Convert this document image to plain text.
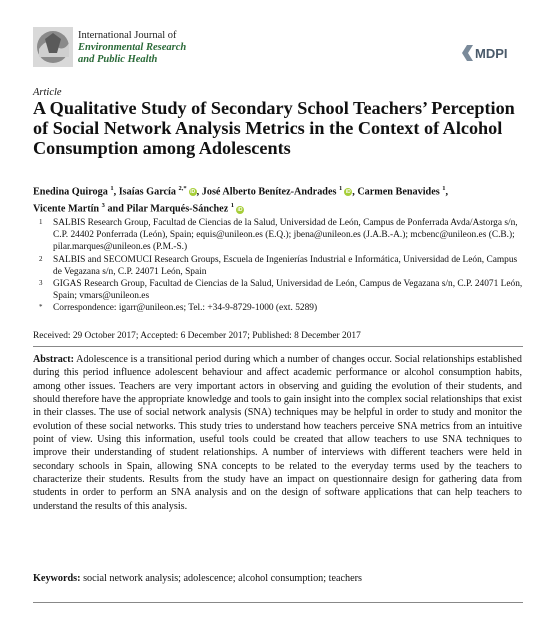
International Journal of
Environmental Research
and Public Health	MDPI
Article
A Qualitative Study of Secondary School Teachers’ Perception of Social Network Analysis Metrics in the Context of Alcohol Consumption among Adolescents
Enedina Quiroga $^1$, Isaías García $^{2,*}$iD , José Alberto Benítez-Andrades $^1$iD , Carmen Benavides $^1$,
Vicente Martín $^3$ and Pilar Marqués-Sánchez $^1$iD
1	SALBIS Research Group, Facultad de Ciencias de la Salud, Universidad de León, Campus de Ponferrada Avda/Astorga s/n, C.P. 24402 Ponferrada (León), Spain; equis@unileon.es (E.Q.); jbena@unileon.es (J.A.B.-A.); mcbenc@unileon.es (C.B.); pilar.marques@unileon.es (P.M.-S.)
2	SALBIS and SECOMUCI Research Groups, Escuela de Ingenierías Industrial e Informática, Universidad de León, Campus de Vegazana s/n, C.P. 24071 León, Spain
3	GIGAS Research Group, Facultad de Ciencias de la Salud, Universidad de León, Campus de Vegazana s/n, C.P. 24071 León, Spain; vmars@unileon.es
*	Correspondence: igarr@unileon.es; Tel.: +34-9-8729-1000 (ext. 5289)
Received: 29 October 2017; Accepted: 6 December 2017; Published: 8 December 2017

Abstract: Adolescence is a transitional period during which a number of changes occur. Social relationships established during this period influence adolescent behaviour and affect academic performance or alcohol consumption habits, among other issues. Teachers are very important actors in observing and guiding the evolution of their students, and should therefore have the appropriate knowledge and tools to gain insight into the complex social relationships that exist in their classes. The use of social network analysis (SNA) techniques may be helpful in order to study and monitor the evolution of these social networks. This study tries to understand how teachers perceive SNA metrics from an intuitive point of view. Using this information, useful tools could be created that allow teachers to use SNA techniques to improve their understanding of student relationships. A number of interviews with different teachers were held in secondary schools in Spain, allowing SNA concepts to be related to the everyday terms used by the teachers to characterize their students. Results from the study have an impact on questionnaire design for gathering data from students in order to perform an SNA analysis and on the design of software applications that can help teachers to understand the results of this analysis.

Keywords: social network analysis; adolescence; alcohol consumption; teachers
